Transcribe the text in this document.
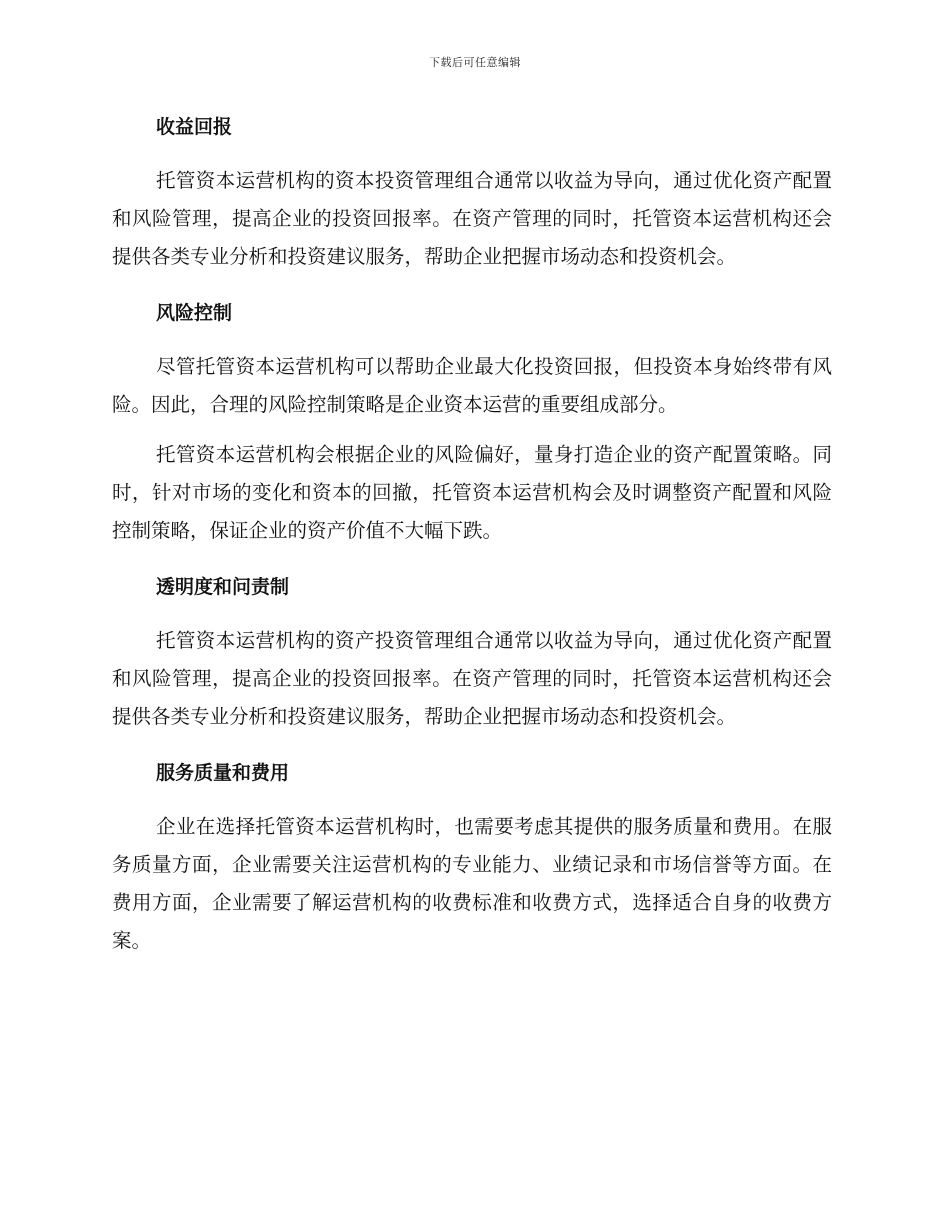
下载后可任意编辑
收益回报

托管资本运营机构的资本投资管理组合通常以收益为导向，通过优化资产配置和风险管理，提高企业的投资回报率。在资产管理的同时，托管资本运营机构还会提供各类专业分析和投资建议服务，帮助企业把握市场动态和投资机会。

风险控制

尽管托管资本运营机构可以帮助企业最大化投资回报，但投资本身始终带有风险。因此，合理的风险控制策略是企业资本运营的重要组成部分。

托管资本运营机构会根据企业的风险偏好，量身打造企业的资产配置策略。同时，针对市场的变化和资本的回撤，托管资本运营机构会及时调整资产配置和风险控制策略，保证企业的资产价值不大幅下跌。

透明度和问责制

托管资本运营机构的资产投资管理组合通常以收益为导向，通过优化资产配置和风险管理，提高企业的投资回报率。在资产管理的同时，托管资本运营机构还会提供各类专业分析和投资建议服务，帮助企业把握市场动态和投资机会。

服务质量和费用

企业在选择托管资本运营机构时，也需要考虑其提供的服务质量和费用。在服务质量方面，企业需要关注运营机构的专业能力、业绩记录和市场信誉等方面。在费用方面，企业需要了解运营机构的收费标准和收费方式，选择适合自身的收费方案。
